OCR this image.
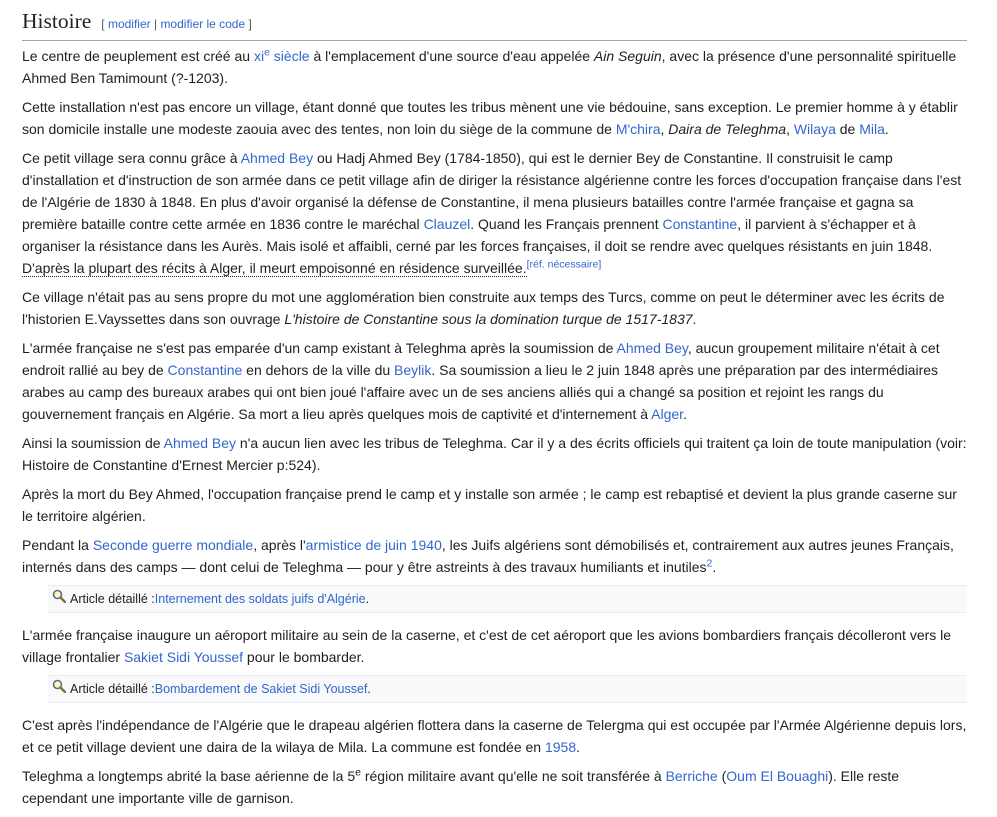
Histoire [ modifier | modifier le code ]

Le centre de peuplement est créé au xi$^e$ siècle à l'emplacement d'une source d'eau appelée Ain Seguin, avec la présence d'une personnalité spirituelle Ahmed Ben Tamimount (?-1203).

Cette installation n'est pas encore un village, étant donné que toutes les tribus mènent une vie bédouine, sans exception. Le premier homme à y établir son domicile installe une modeste zaouia avec des tentes, non loin du siège de la commune de M'chira, Daira de Teleghma, Wilaya de Mila.

Ce petit village sera connu grâce à Ahmed Bey ou Hadj Ahmed Bey (1784-1850), qui est le dernier Bey de Constantine. Il construisit le camp d'installation et d'instruction de son armée dans ce petit village afin de diriger la résistance algérienne contre les forces d'occupation française dans l'est de l'Algérie de 1830 à 1848. En plus d'avoir organisé la défense de Constantine, il mena plusieurs batailles contre l'armée française et gagna sa première bataille contre cette armée en 1836 contre le maréchal Clauzel. Quand les Français prennent Constantine, il parvient à s'échapper et à organiser la résistance dans les Aurès. Mais isolé et affaibli, cerné par les forces françaises, il doit se rendre avec quelques résistants en juin 1848. D'après la plupart des récits à Alger, il meurt empoisonné en résidence surveillée.[réf. nécessaire]

Ce village n'était pas au sens propre du mot une agglomération bien construite aux temps des Turcs, comme on peut le déterminer avec les écrits de l'historien E.Vayssettes dans son ouvrage L'histoire de Constantine sous la domination turque de 1517-1837.

L'armée française ne s'est pas emparée d'un camp existant à Teleghma après la soumission de Ahmed Bey, aucun groupement militaire n'était à cet endroit rallié au bey de Constantine en dehors de la ville du Beylik. Sa soumission a lieu le 2 juin 1848 après une préparation par des intermédiaires arabes au camp des bureaux arabes qui ont bien joué l'affaire avec un de ses anciens alliés qui a changé sa position et rejoint les rangs du gouvernement français en Algérie. Sa mort a lieu après quelques mois de captivité et d'internement à Alger.

Ainsi la soumission de Ahmed Bey n'a aucun lien avec les tribus de Teleghma. Car il y a des écrits officiels qui traitent ça loin de toute manipulation (voir: Histoire de Constantine d'Ernest Mercier p:524).

Après la mort du Bey Ahmed, l'occupation française prend le camp et y installe son armée ; le camp est rebaptisé et devient la plus grande caserne sur le territoire algérien.

Pendant la Seconde guerre mondiale, après l'armistice de juin 1940, les Juifs algériens sont démobilisés et, contrairement aux autres jeunes Français, internés dans des camps — dont celui de Teleghma — pour y être astreints à des travaux humiliants et inutiles$^2$.

Article détaillé : Internement des soldats juifs d'Algérie .

L'armée française inaugure un aéroport militaire au sein de la caserne, et c'est de cet aéroport que les avions bombardiers français décolleront vers le village frontalier Sakiet Sidi Youssef pour le bombarder.

Article détaillé : Bombardement de Sakiet Sidi Youssef .

C'est après l'indépendance de l'Algérie que le drapeau algérien flottera dans la caserne de Telergma qui est occupée par l'Armée Algérienne depuis lors, et ce petit village devient une daira de la wilaya de Mila. La commune est fondée en 1958.

Teleghma a longtemps abrité la base aérienne de la 5e région militaire avant qu'elle ne soit transférée à Berriche (Oum El Bouaghi). Elle reste cependant une importante ville de garnison.
